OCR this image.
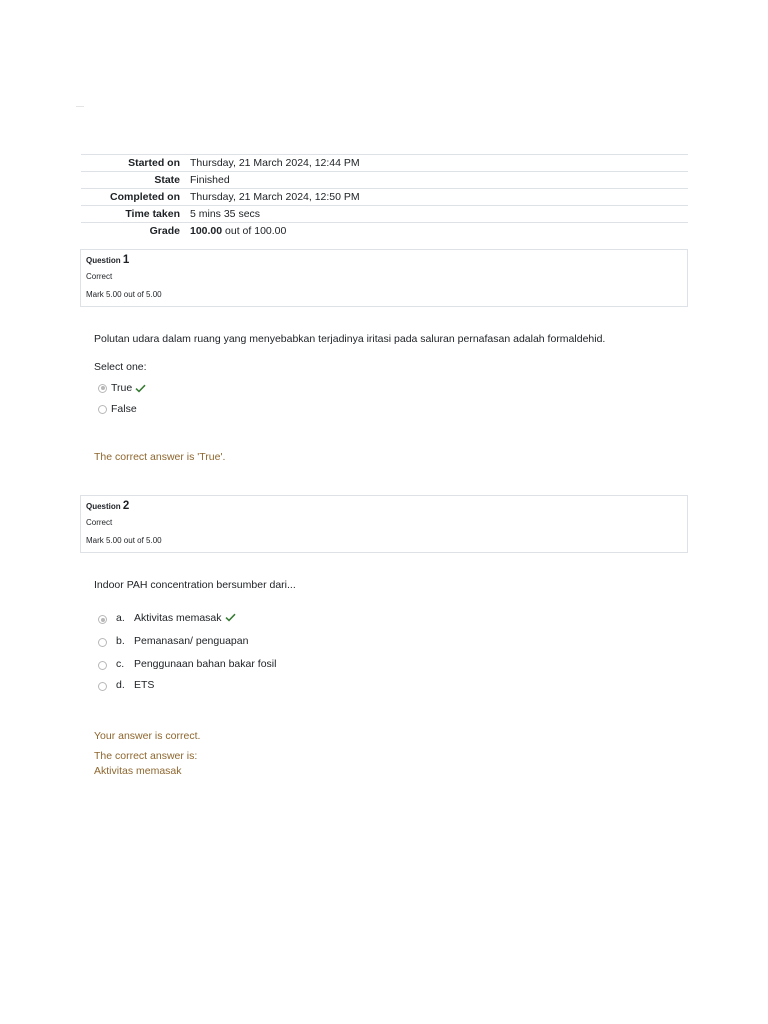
Started on	Thursday, 21 March 2024, 12:44 PM
State	Finished
Completed on	Thursday, 21 March 2024, 12:50 PM
Time taken	5 mins 35 secs
Grade	100.00 out of 100.00
Question 1
Correct
Mark 5.00 out of 5.00
Polutan udara dalam ruang yang menyebabkan terjadinya iritasi pada saluran pernafasan adalah formaldehid.
Select one:
True
False
The correct answer is 'True'.
Question 2
Correct
Mark 5.00 out of 5.00
Indoor PAH concentration bersumber dari...
a. Aktivitas memasak
b. Pemanasan/ penguapan
c. Penggunaan bahan bakar fosil
d. ETS
Your answer is correct.
The correct answer is:
Aktivitas memasak
